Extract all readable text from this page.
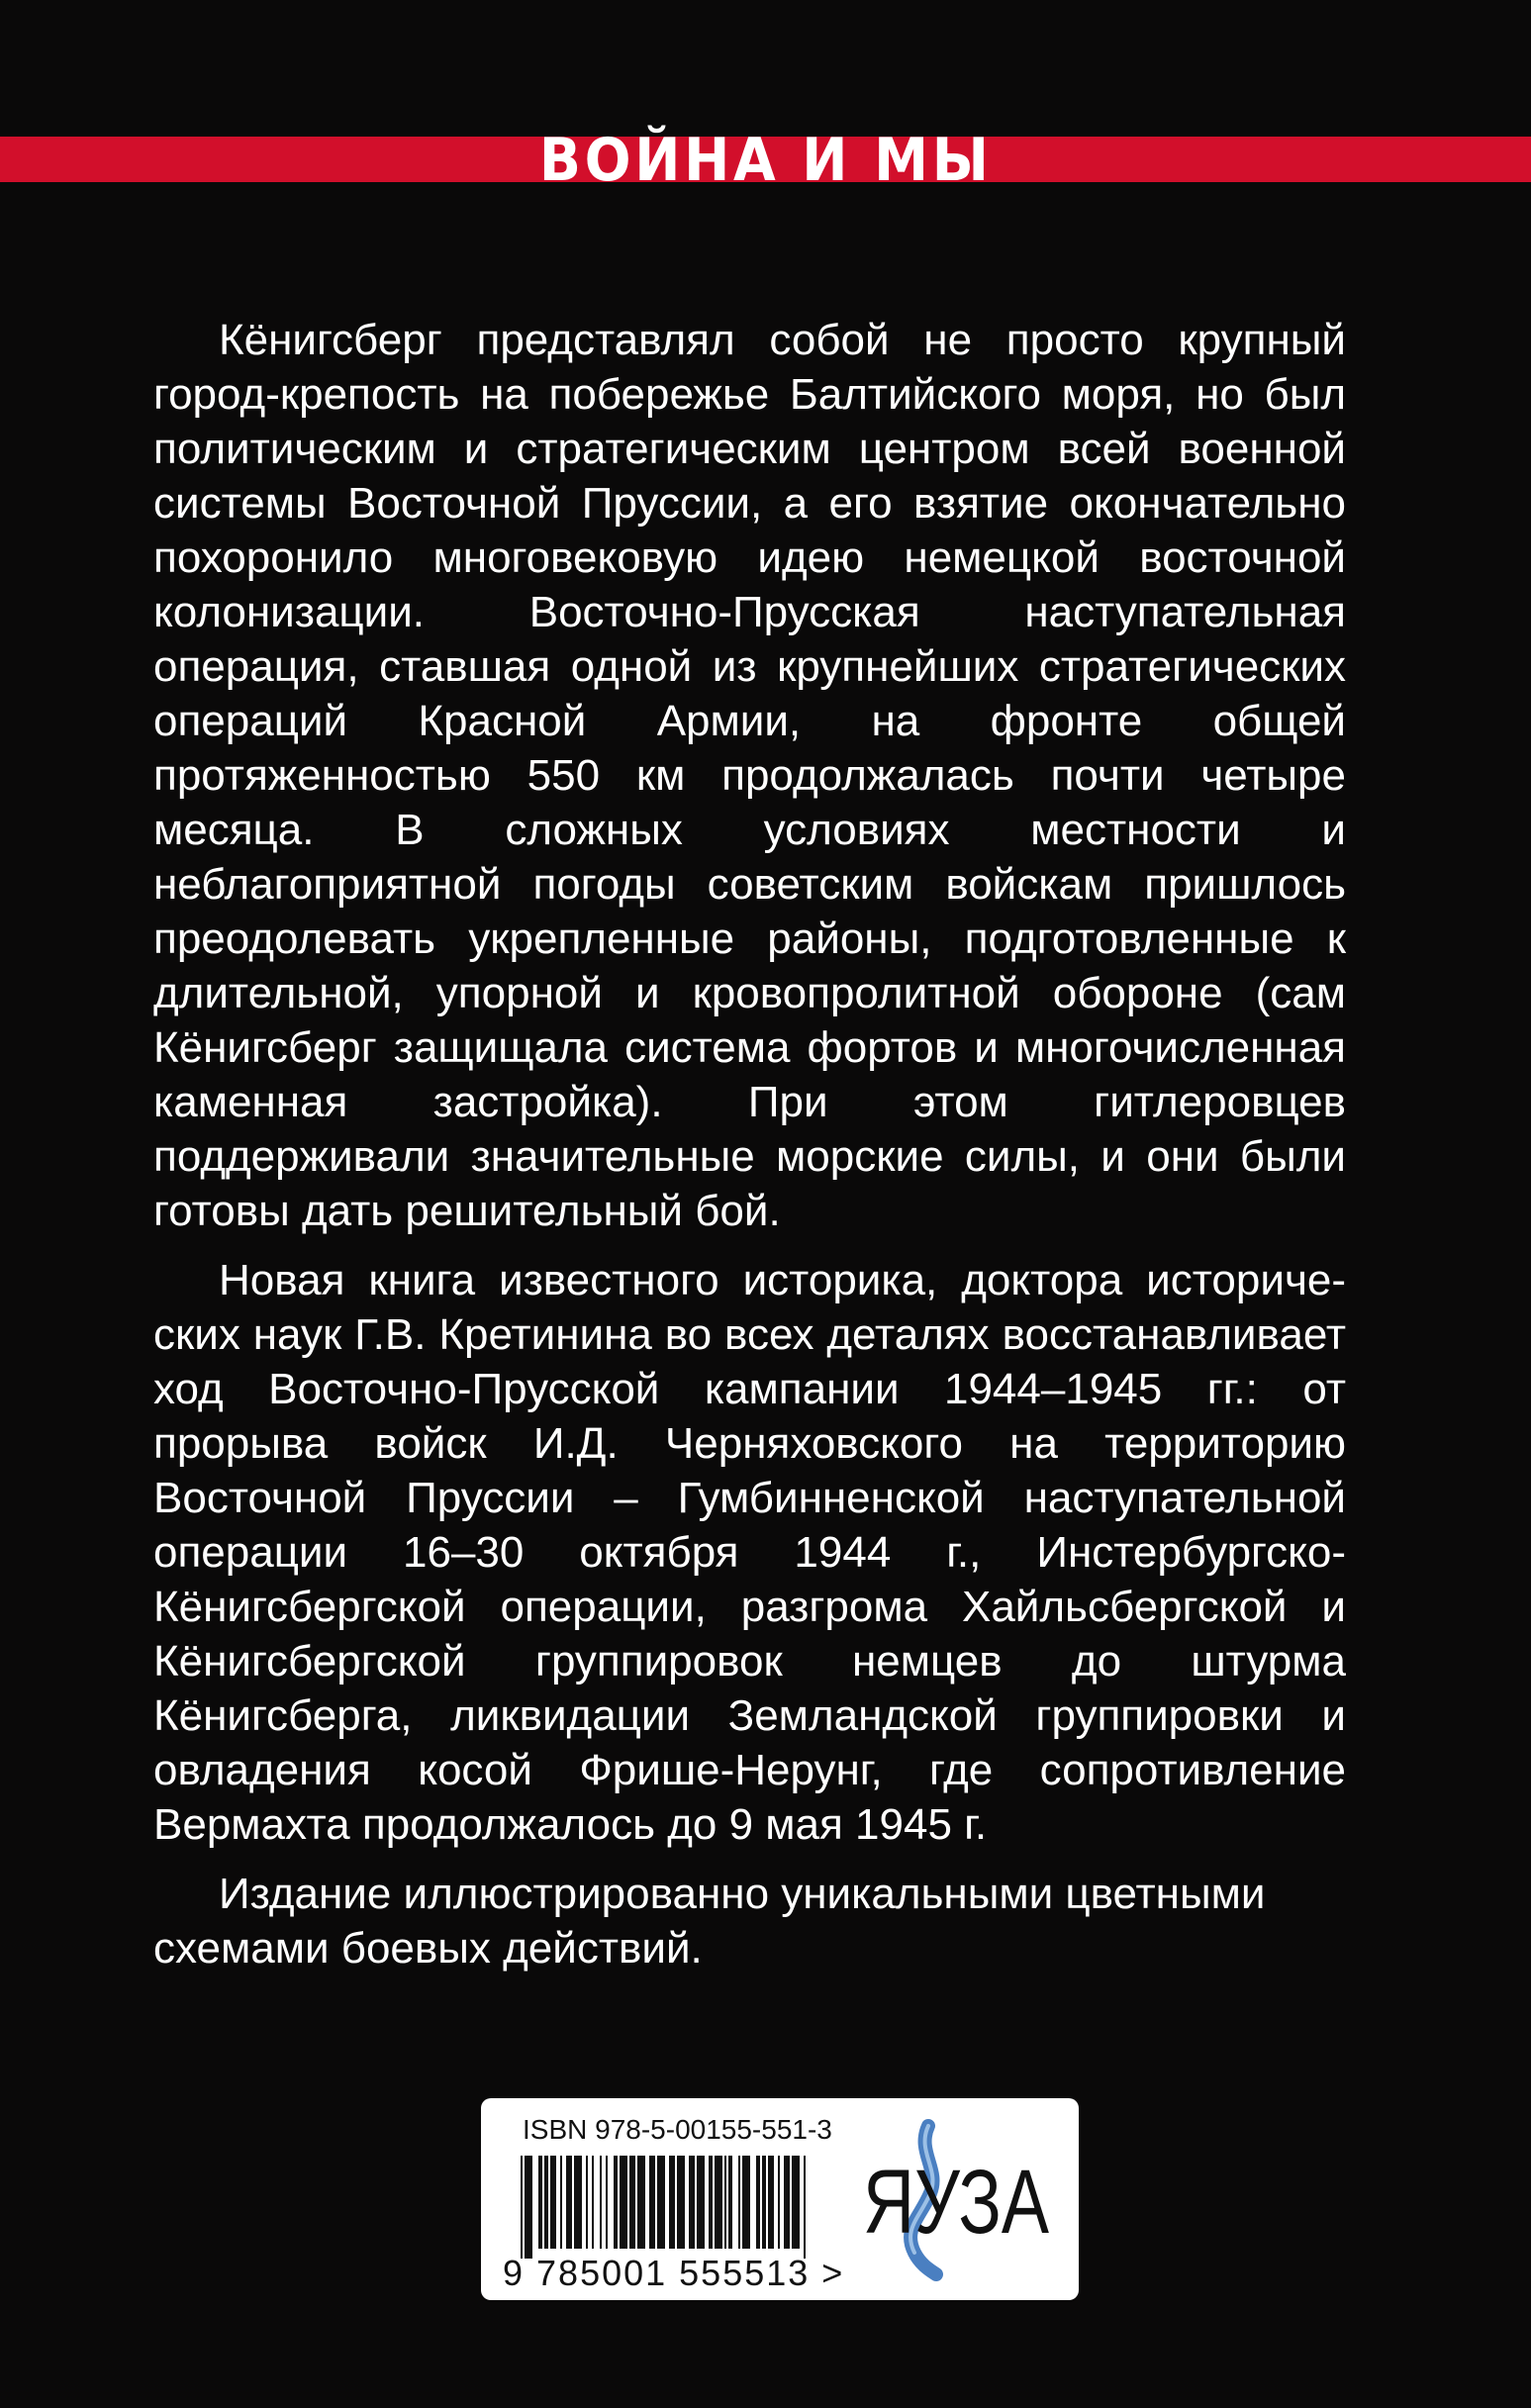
ВОЙНА И МЫ

Кёнигсберг представлял собой не просто крупный город-крепость на побережье Балтийского моря, но был политическим и стратегическим центром всей военной системы Восточной Пруссии, а его взятие окончательно похоронило многовековую идею немецкой восточной колонизации. Восточно-Прусская наступательная операция, ставшая одной из крупнейших стратегических операций Красной Армии, на фронте общей протяженностью 550 км продолжалась почти четыре месяца. В сложных условиях местности и неблагоприятной погоды советским войскам пришлось преодолевать укрепленные районы, подготовленные к длительной, упорной и кровопролитной обороне (сам Кёнигсберг защищала система фортов и многочисленная каменная застройка). При этом гитлеровцев поддерживали значительные морские силы, и они были готовы дать решительный бой.

Новая книга известного историка, доктора исторических наук Г.В. Кретинина во всех деталях восстанавливает ход Восточно-Прусской кампании 1944–1945 гг.: от прорыва войск И.Д. Черняховского на территорию Восточной Пруссии – Гумбинненской наступательной операции 16–30 октября 1944 г., Инстербургско-Кёнигсбергской операции, разгрома Хайльсбергской и Кёнигсбергской группировок немцев до штурма Кёнигсберга, ликвидации Земландской группировки и овладения косой Фрише-Нерунг, где сопротивление Вермахта продолжалось до 9 мая 1945 г.

Издание иллюстрированно уникальными цветными схемами боевых действий.

ISBN 978-5-00155-551-3
9 785001 555513 >
ЯУЗА
